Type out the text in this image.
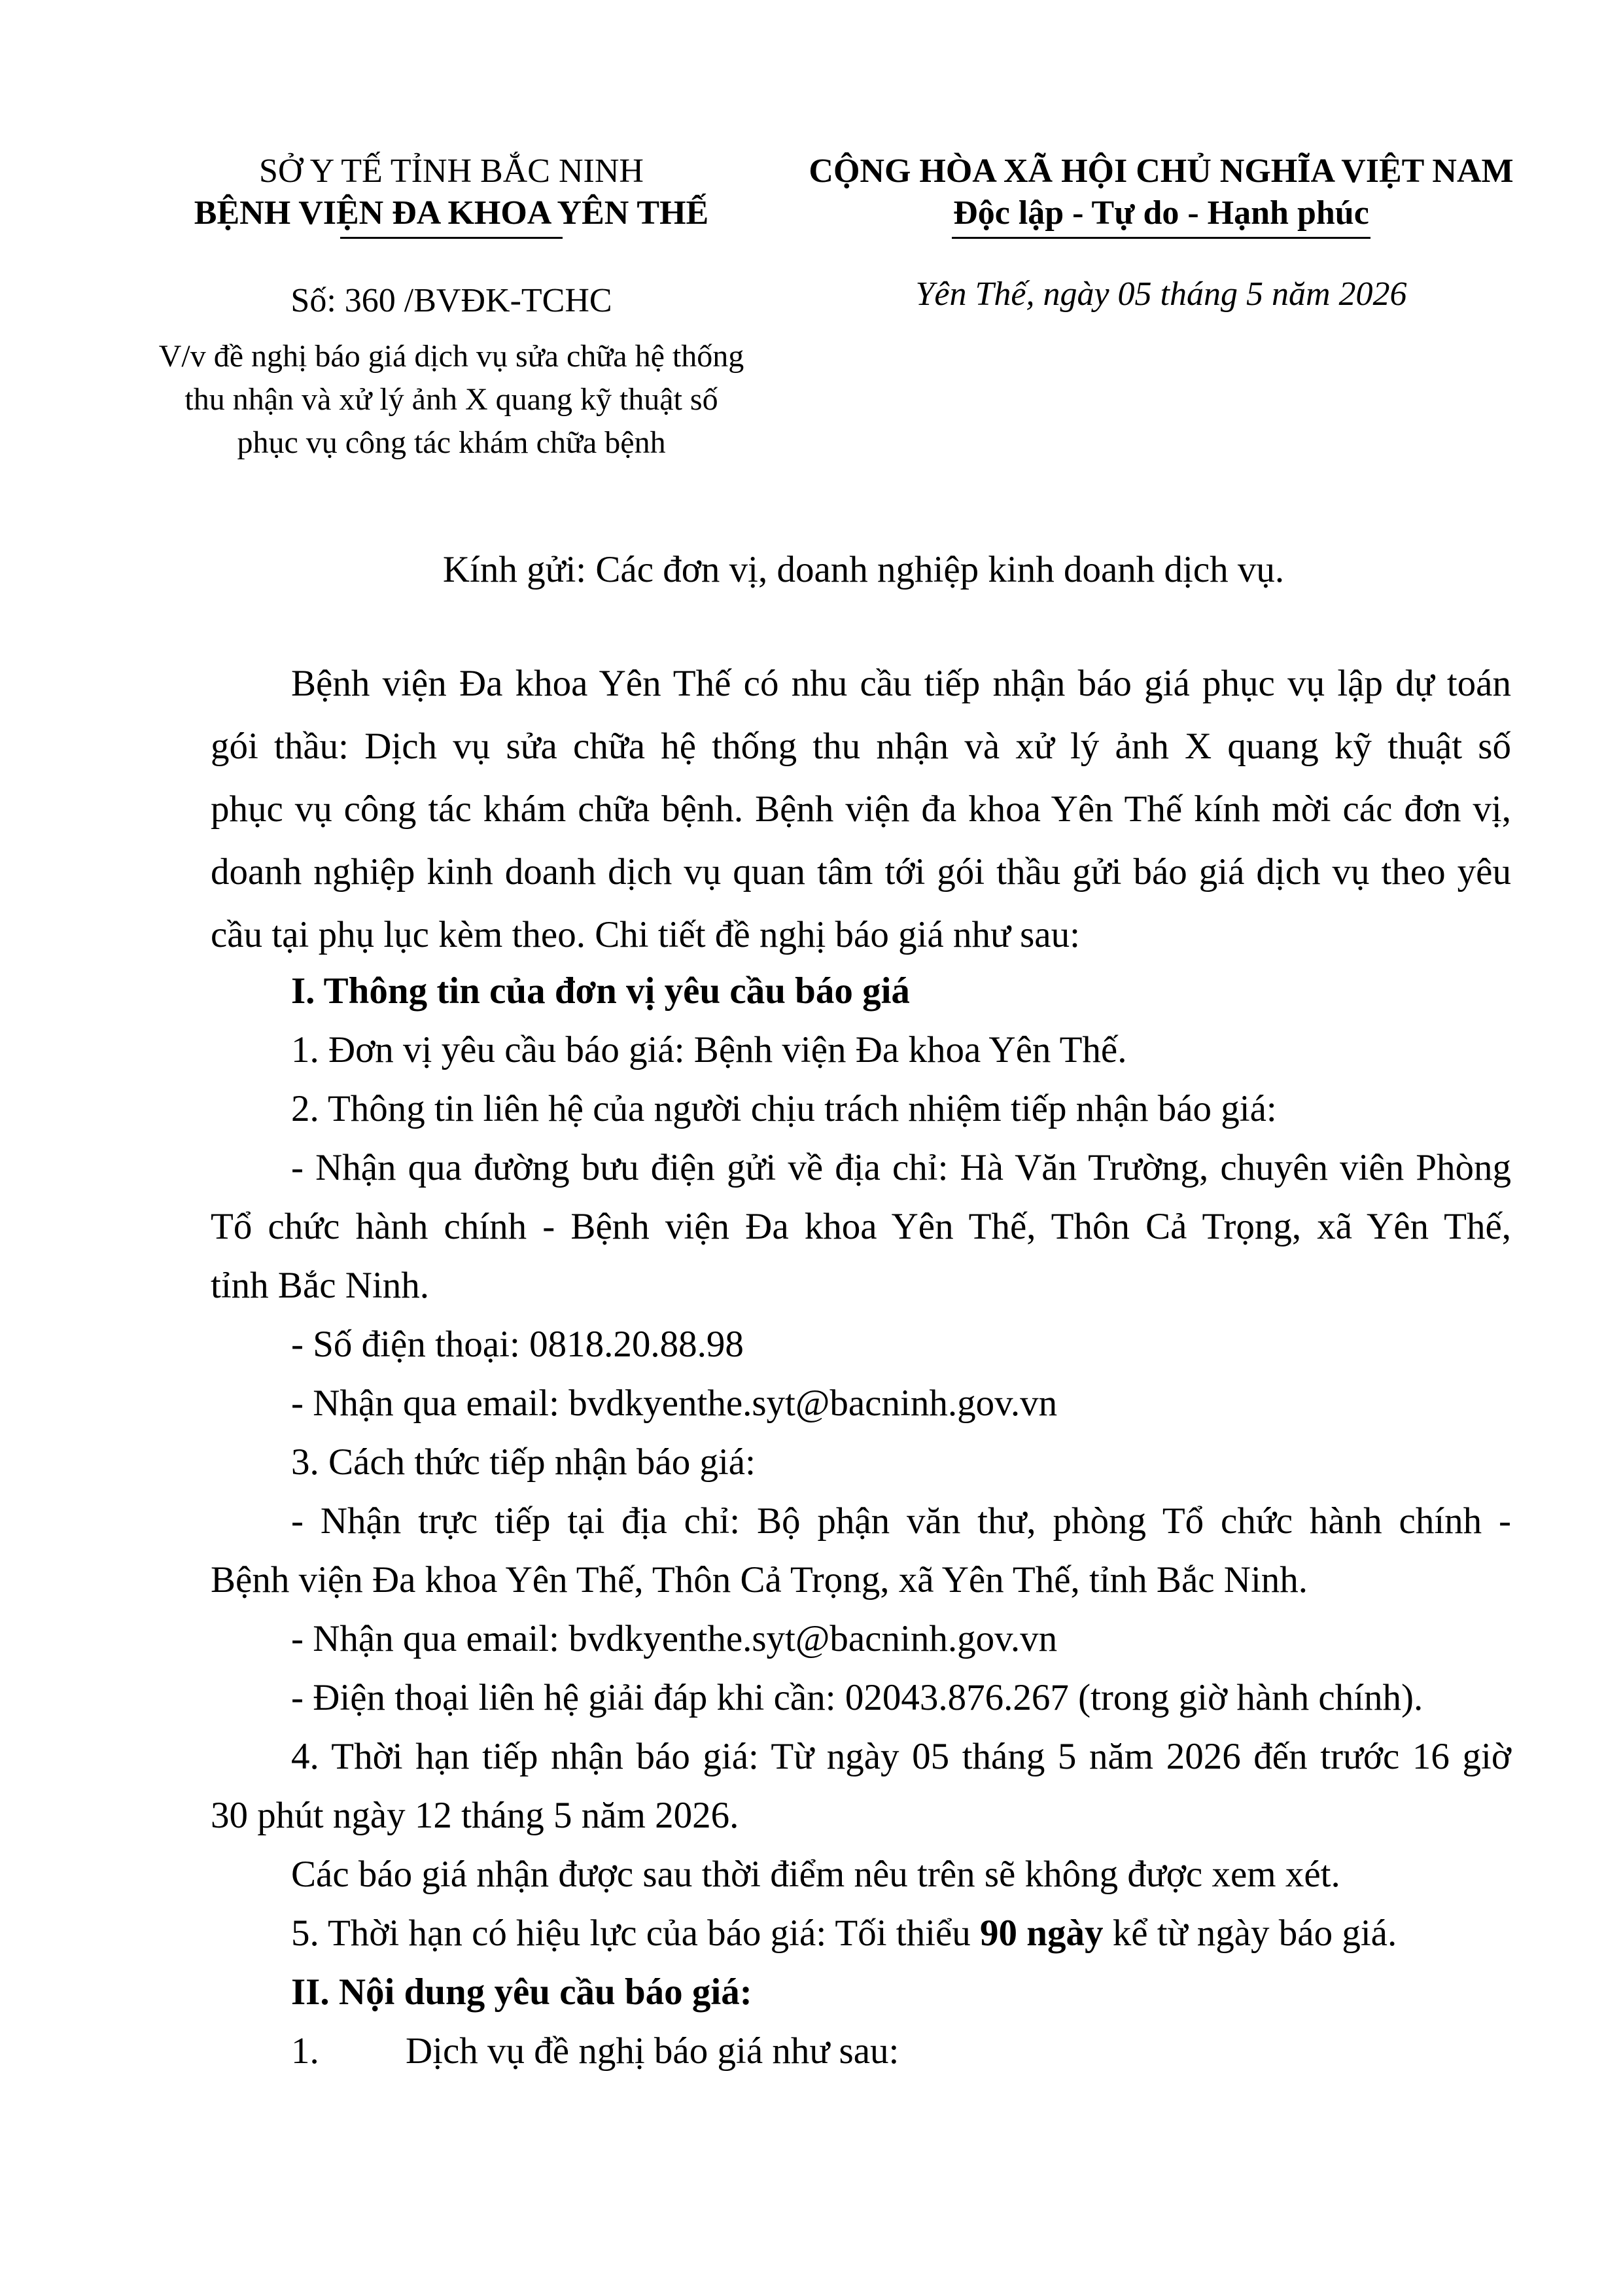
SỞ Y TẾ TỈNH BẮC NINH
BỆNH VIỆN ĐA KHOA YÊN THẾ
Số: 360 /BVĐK-TCHC
V/v đề nghị báo giá dịch vụ sửa chữa hệ thống
thu nhận và xử lý ảnh X quang kỹ thuật số
phục vụ công tác khám chữa bệnh
CỘNG HÒA XÃ HỘI CHỦ NGHĨA VIỆT NAM
Độc lập - Tự do - Hạnh phúc
Yên Thế, ngày 05 tháng 5 năm 2026
Kính gửi: Các đơn vị, doanh nghiệp kinh doanh dịch vụ.
Bệnh viện Đa khoa Yên Thế có nhu cầu tiếp nhận báo giá phục vụ lập dự toán
gói thầu: Dịch vụ sửa chữa hệ thống thu nhận và xử lý ảnh X quang kỹ thuật số
phục vụ công tác khám chữa bệnh. Bệnh viện đa khoa Yên Thế kính mời các đơn vị,
doanh nghiệp kinh doanh dịch vụ quan tâm tới gói thầu gửi báo giá dịch vụ theo yêu
cầu tại phụ lục kèm theo. Chi tiết đề nghị báo giá như sau:
I. Thông tin của đơn vị yêu cầu báo giá
1. Đơn vị yêu cầu báo giá: Bệnh viện Đa khoa Yên Thế.
2. Thông tin liên hệ của người chịu trách nhiệm tiếp nhận báo giá:
- Nhận qua đường bưu điện gửi về địa chỉ: Hà Văn Trường, chuyên viên Phòng
Tổ chức hành chính - Bệnh viện Đa khoa Yên Thế, Thôn Cả Trọng, xã Yên Thế,
tỉnh Bắc Ninh.
- Số điện thoại: 0818.20.88.98
- Nhận qua email: bvdkyenthe.syt@bacninh.gov.vn
3. Cách thức tiếp nhận báo giá:
- Nhận trực tiếp tại địa chỉ: Bộ phận văn thư, phòng Tổ chức hành chính -
Bệnh viện Đa khoa Yên Thế, Thôn Cả Trọng, xã Yên Thế, tỉnh Bắc Ninh.
- Nhận qua email: bvdkyenthe.syt@bacninh.gov.vn
- Điện thoại liên hệ giải đáp khi cần: 02043.876.267 (trong giờ hành chính).
4. Thời hạn tiếp nhận báo giá: Từ ngày 05 tháng 5 năm 2026 đến trước 16 giờ
30 phút ngày 12 tháng 5 năm 2026.
Các báo giá nhận được sau thời điểm nêu trên sẽ không được xem xét.
5. Thời hạn có hiệu lực của báo giá: Tối thiểu 90 ngày kể từ ngày báo giá.
II. Nội dung yêu cầu báo giá:
1. Dịch vụ đề nghị báo giá như sau:
